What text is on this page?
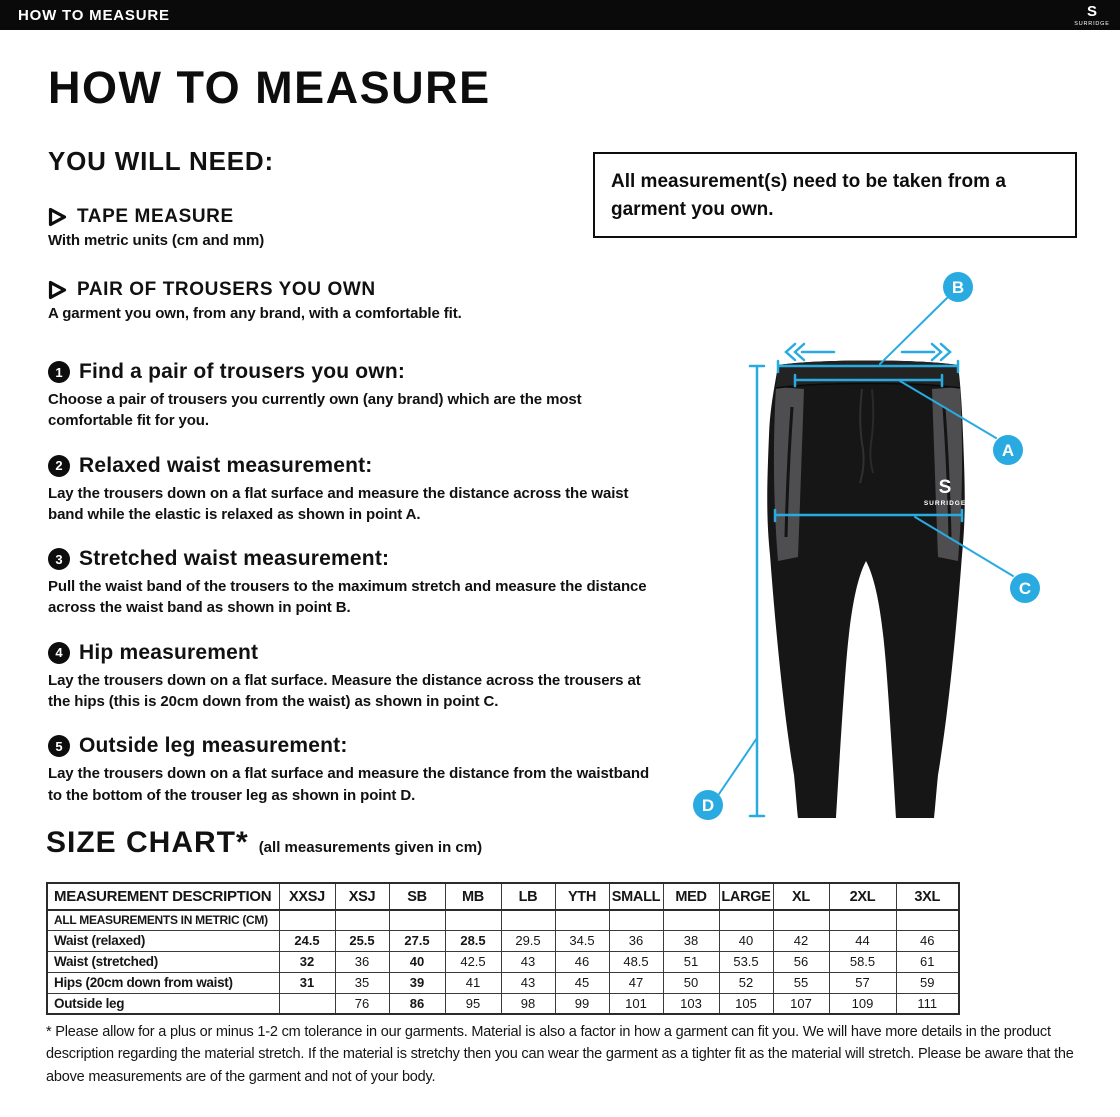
HOW TO MEASURE	S
SURRIDGE
HOW TO MEASURE
YOU WILL NEED:
All measurement(s) need to be taken from a garment you own.
TAPE MEASURE
With metric units (cm and mm)
PAIR OF TROUSERS YOU OWN
A garment you own, from any brand, with a comfortable fit.
1 Find a pair of trousers you own:

Choose a pair of trousers you currently own (any brand) which are the most comfortable fit for you.

2 Relaxed waist measurement:

Lay the trousers down on a flat surface and measure the distance across the waist band while the elastic is relaxed as shown in point A.

3 Stretched waist measurement:

Pull the waist band of the trousers to the maximum stretch and measure the distance across the waist band as shown in point B.

4 Hip measurement

Lay the trousers down on a flat surface. Measure the distance across the trousers at the hips (this is 20cm down from the waist) as shown in point C.

5 Outside leg measurement:

Lay the trousers down on a flat surface and measure the distance from the waistband to the bottom of the trouser leg as shown in point D.

S
SURRIDGE
B
A
C
D
SIZE CHART* (all measurements given in cm)
MEASUREMENT DESCRIPTION	XXSJ	XSJ	SB	MB	LB	YTH	SMALL	MED	LARGE	XL	2XL	3XL
ALL MEASUREMENTS IN METRIC (CM)												
Waist (relaxed)	24.5	25.5	27.5	28.5	29.5	34.5	36	38	40	42	44	46
Waist (stretched)	32	36	40	42.5	43	46	48.5	51	53.5	56	58.5	61
Hips (20cm down from waist)	31	35	39	41	43	45	47	50	52	55	57	59
Outside leg		76	86	95	98	99	101	103	105	107	109	111

* Please allow for a plus or minus 1-2 cm tolerance in our garments. Material is also a factor in how a garment can fit you. We will have more details in the product description regarding the material stretch. If the material is stretchy then you can wear the garment as a tighter fit as the material will stretch. Please be aware that the above measurements are of the garment and not of your body.
